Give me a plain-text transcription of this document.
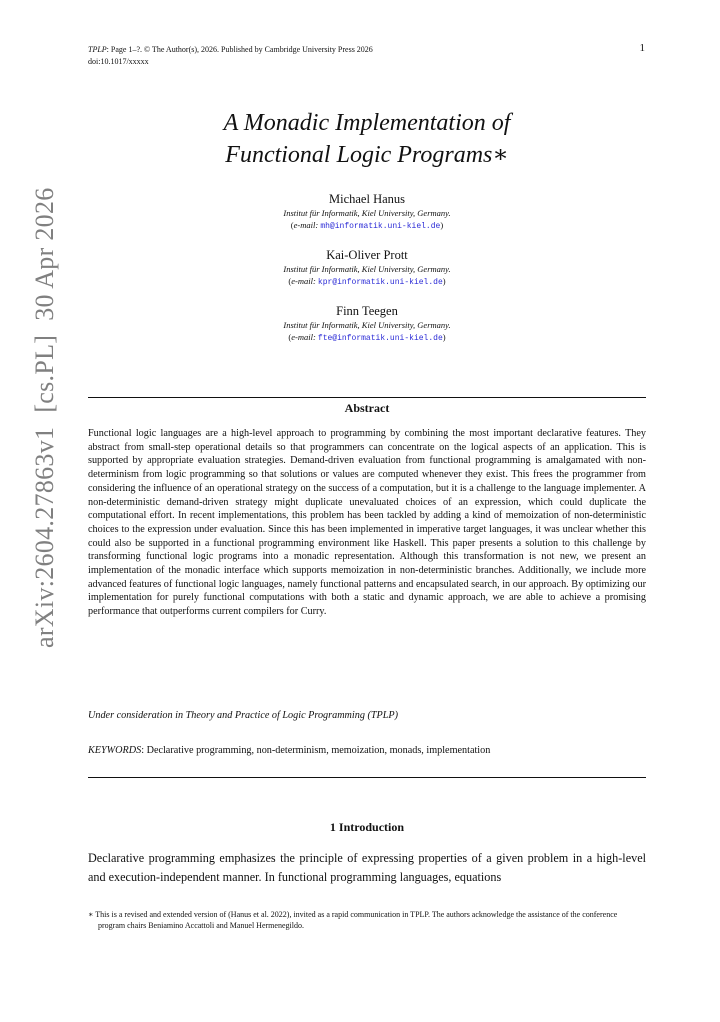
TPLP: Page 1–?. © The Author(s), 2026. Published by Cambridge University Press 2026
doi:10.1017/xxxxx
1
arXiv:2604.27863v1[cs.PL]30 Apr 2026
A Monadic Implementation of
Functional Logic Programs∗
Michael Hanus
Institut für Informatik, Kiel University, Germany.
(e-mail: mh@informatik.uni-kiel.de)
Kai-Oliver Prott
Institut für Informatik, Kiel University, Germany.
(e-mail: kpr@informatik.uni-kiel.de)
Finn Teegen
Institut für Informatik, Kiel University, Germany.
(e-mail: fte@informatik.uni-kiel.de)
Abstract
Functional logic languages are a high-level approach to programming by combining the most important declarative features. They abstract from small-step operational details so that programmers can concentrate on the logical aspects of an application. This is supported by appropriate evaluation strategies. Demand-driven evaluation from functional programming is amalgamated with non-determinism from logic programming so that solutions or values are computed whenever they exist. This frees the programmer from considering the influence of an operational strategy on the success of a computation, but it is a challenge to the language implementer. A non-deterministic demand-driven strategy might duplicate unevaluated choices of an expression, which could duplicate the computational effort. In recent implementations, this problem has been tackled by adding a kind of memoization of non-deterministic choices to the expression under evaluation. Since this has been implemented in imperative target languages, it was unclear whether this could also be supported in a functional programming environment like Haskell. This paper presents a solution to this challenge by transforming functional logic programs into a monadic representation. Although this transformation is not new, we present an implementation of the monadic interface which supports memoization in non-deterministic branches. Additionally, we include more advanced features of functional logic languages, namely functional patterns and encapsulated search, in our approach. By optimizing our implementation for purely functional computations with both a static and dynamic approach, we are able to achieve a promising performance that outperforms current compilers for Curry.
Under consideration in Theory and Practice of Logic Programming (TPLP)
KEYWORDS: Declarative programming, non-determinism, memoization, monads, implementation
1 Introduction
Declarative programming emphasizes the principle of expressing properties of a given problem in a high-level and execution-independent manner. In functional programming languages, equations
∗ This is a revised and extended version of (Hanus et al. 2022), invited as a rapid communication in TPLP. The authors acknowledge the assistance of the conference program chairs Beniamino Accattoli and Manuel Hermenegildo.
